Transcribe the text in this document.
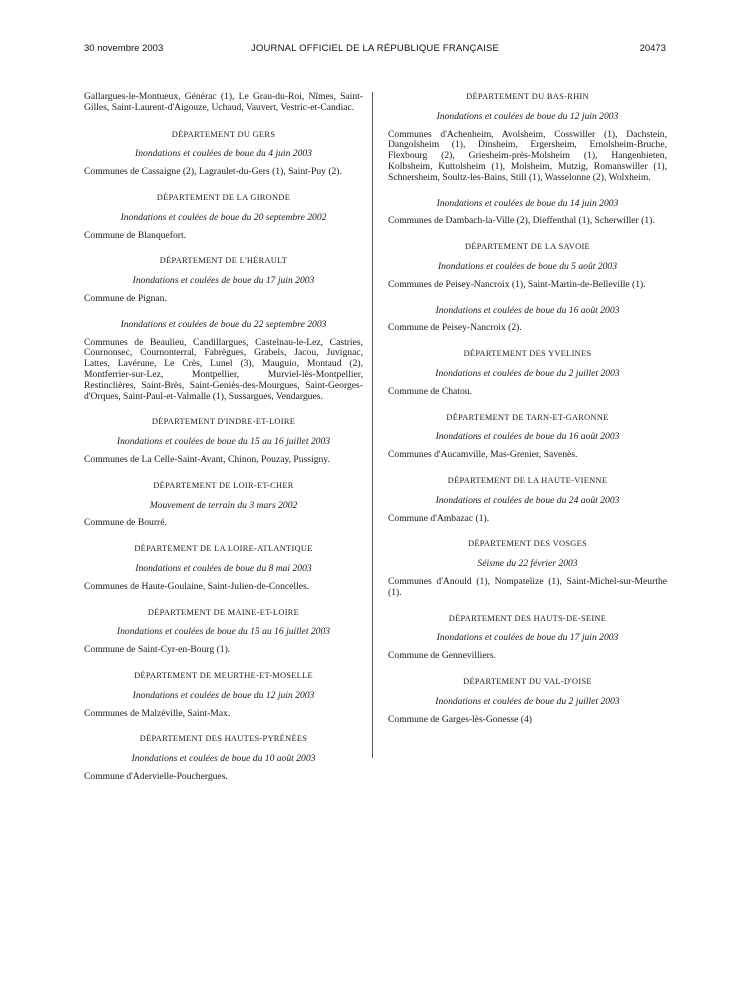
30 novembre 2003	JOURNAL OFFICIEL DE LA RÉPUBLIQUE FRANÇAISE	20473

Gallargues-le-Montueux, Générac (1), Le Grau-du-Roi, Nîmes, Saint-Gilles, Saint-Laurent-d'Aigouze, Uchaud, Vauvert, Vestric-et-Candiac.

DÉPARTEMENT DU GERS

Inondations et coulées de boue du 4 juin 2003

Communes de Cassaigne (2), Lagraulet-du-Gers (1), Saint-Puy (2).

DÉPARTEMENT DE LA GIRONDE

Inondations et coulées de boue du 20 septembre 2002

Commune de Blanquefort.

DÉPARTEMENT DE L'HÉRAULT

Inondations et coulées de boue du 17 juin 2003

Commune de Pignan.

Inondations et coulées de boue du 22 septembre 2003

Communes de Beaulieu, Candillargues, Castelnau-le-Lez, Castries, Cournonsec, Cournonterral, Fabrègues, Grabels, Jacou, Juvignac, Lattes, Lavérune, Le Crès, Lunel (3), Mauguio, Montaud (2), Montferrier-sur-Lez, Montpellier, Murviel-lès-Montpellier, Restinclières, Saint-Brès, Saint-Geniès-des-Mourgues, Saint-Georges-d'Orques, Saint-Paul-et-Valmalle (1), Sussargues, Vendargues.

DÉPARTEMENT D'INDRE-ET-LOIRE

Inondations et coulées de boue du 15 au 16 juillet 2003

Communes de La Celle-Saint-Avant, Chinon, Pouzay, Pussigny.

DÉPARTEMENT DE LOIR-ET-CHER

Mouvement de terrain du 3 mars 2002

Commune de Bourré.

DÉPARTEMENT DE LA LOIRE-ATLANTIQUE

Inondations et coulées de boue du 8 mai 2003

Communes de Haute-Goulaine, Saint-Julien-de-Concelles.

DÉPARTEMENT DE MAINE-ET-LOIRE

Inondations et coulées de boue du 15 au 16 juillet 2003

Commune de Saint-Cyr-en-Bourg (1).

DÉPARTEMENT DE MEURTHE-ET-MOSELLE

Inondations et coulées de boue du 12 juin 2003

Communes de Malzéville, Saint-Max.

DÉPARTEMENT DES HAUTES-PYRÉNÉES

Inondations et coulées de boue du 10 août 2003

Commune d'Adervielle-Pouchergues.

DÉPARTEMENT DU BAS-RHIN

Inondations et coulées de boue du 12 juin 2003

Communes d'Achenheim, Avolsheim, Cosswiller (1), Dachstein, Dangolsheim (1), Dinsheim, Ergersheim, Ernolsheim-Bruche, Flexbourg (2), Griesheim-près-Molsheim (1), Hangenbieten, Kolbsheim, Kuttolsheim (1), Molsheim, Mutzig, Romanswiller (1), Schnersheim, Soultz-les-Bains, Still (1), Wasselonne (2), Wolxheim.

Inondations et coulées de boue du 14 juin 2003

Communes de Dambach-la-Ville (2), Dieffenthal (1), Scherwiller (1).

DÉPARTEMENT DE LA SAVOIE

Inondations et coulées de boue du 5 août 2003

Communes de Peisey-Nancroix (1), Saint-Martin-de-Belleville (1).

Inondations et coulées de boue du 16 août 2003

Commune de Peisey-Nancroix (2).

DÉPARTEMENT DES YVELINES

Inondations et coulées de boue du 2 juillet 2003

Commune de Chatou.

DÉPARTEMENT DE TARN-ET-GARONNE

Inondations et coulées de boue du 16 août 2003

Communes d'Aucamville, Mas-Grenier, Savenès.

DÉPARTEMENT DE LA HAUTE-VIENNE

Inondations et coulées de boue du 24 août 2003

Commune d'Ambazac (1).

DÉPARTEMENT DES VOSGES

Séisme du 22 février 2003

Communes d'Anould (1), Nompatelize (1), Saint-Michel-sur-Meurthe (1).

DÉPARTEMENT DES HAUTS-DE-SEINE

Inondations et coulées de boue du 17 juin 2003

Commune de Gennevilliers.

DÉPARTEMENT DU VAL-D'OISE

Inondations et coulées de boue du 2 juillet 2003

Commune de Garges-lès-Gonesse (4)
